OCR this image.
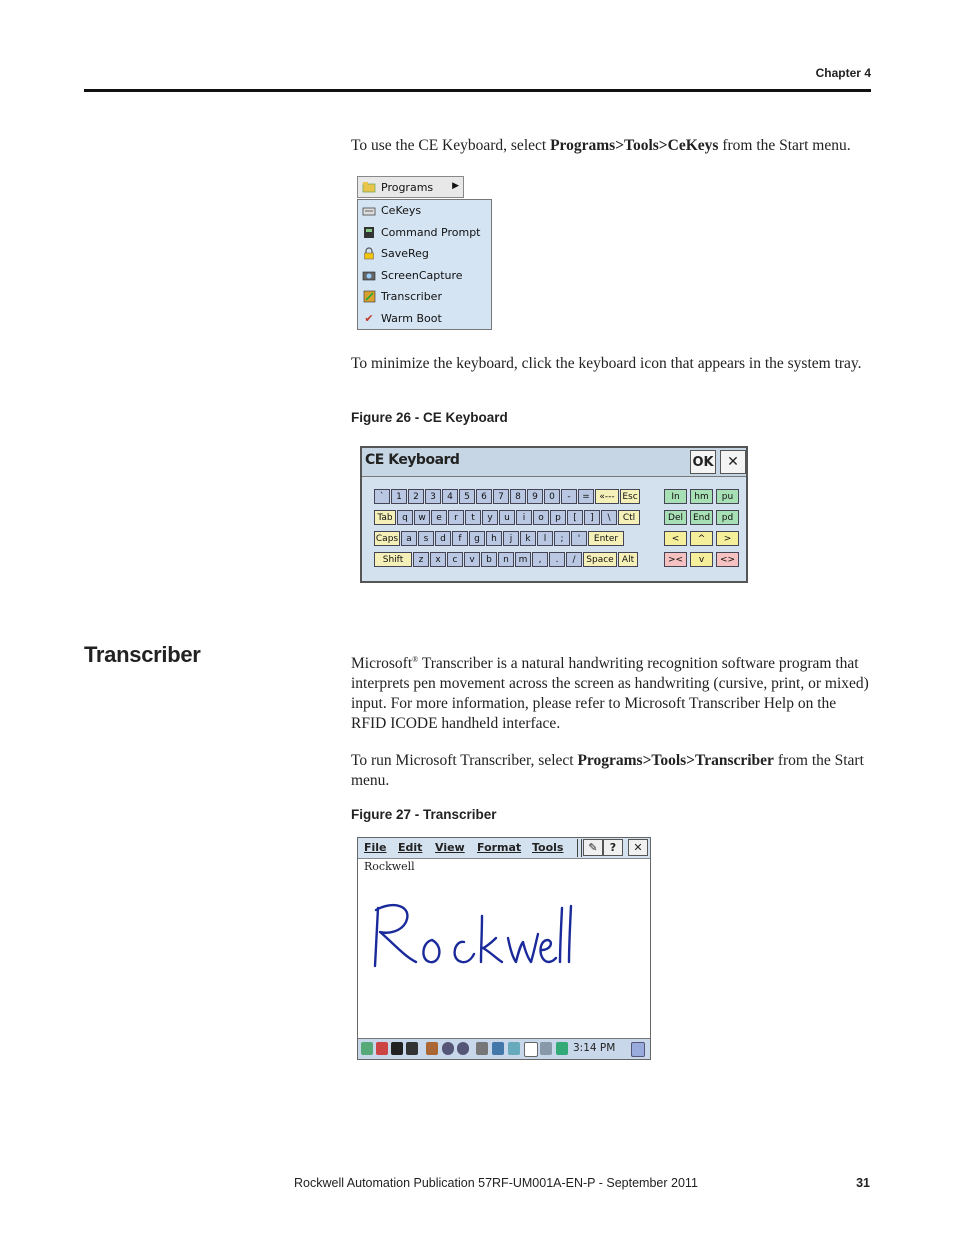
Chapter 4
To use the CE Keyboard, select Programs>Tools>CeKeys from the Start menu.
Programs ▶
CeKeys
Command Prompt
SaveReg
ScreenCapture
Transcriber
✔ Warm Boot
To minimize the keyboard, click the keyboard icon that appears in the system tray.
Figure 26 - CE Keyboard
CE Keyboard	OK ✕
`	1	2	3	4	5	6	7	8	9	0	-	=	«--- Esc
Tab	q	w	e	r	t	y	u	i	o	p	[	]	\	Ctl
Caps a	s	d	f	g	h	j	k	l	;	'	Enter
Shift	z	x	c	v	b	n	m	,	.	/	Space Alt
In	hm	pu
Del	End	pd
<	^	>
><	v	<>
Transcriber	Microsoft® Transcriber is a natural handwriting recognition software program that interprets pen movement across the screen as handwriting (cursive, print, or mixed) input. For more information, please refer to Microsoft Transcriber Help on the RFID ICODE handheld interface.
To run Microsoft Transcriber, select Programs>Tools>Transcriber from the Start menu.
Figure 27 - Transcriber
File Edit View Format Tools ✎	?	✕
Rockwell
3:14 PM
Rockwell Automation Publication 57RF-UM001A-EN-P - September 2011	31
